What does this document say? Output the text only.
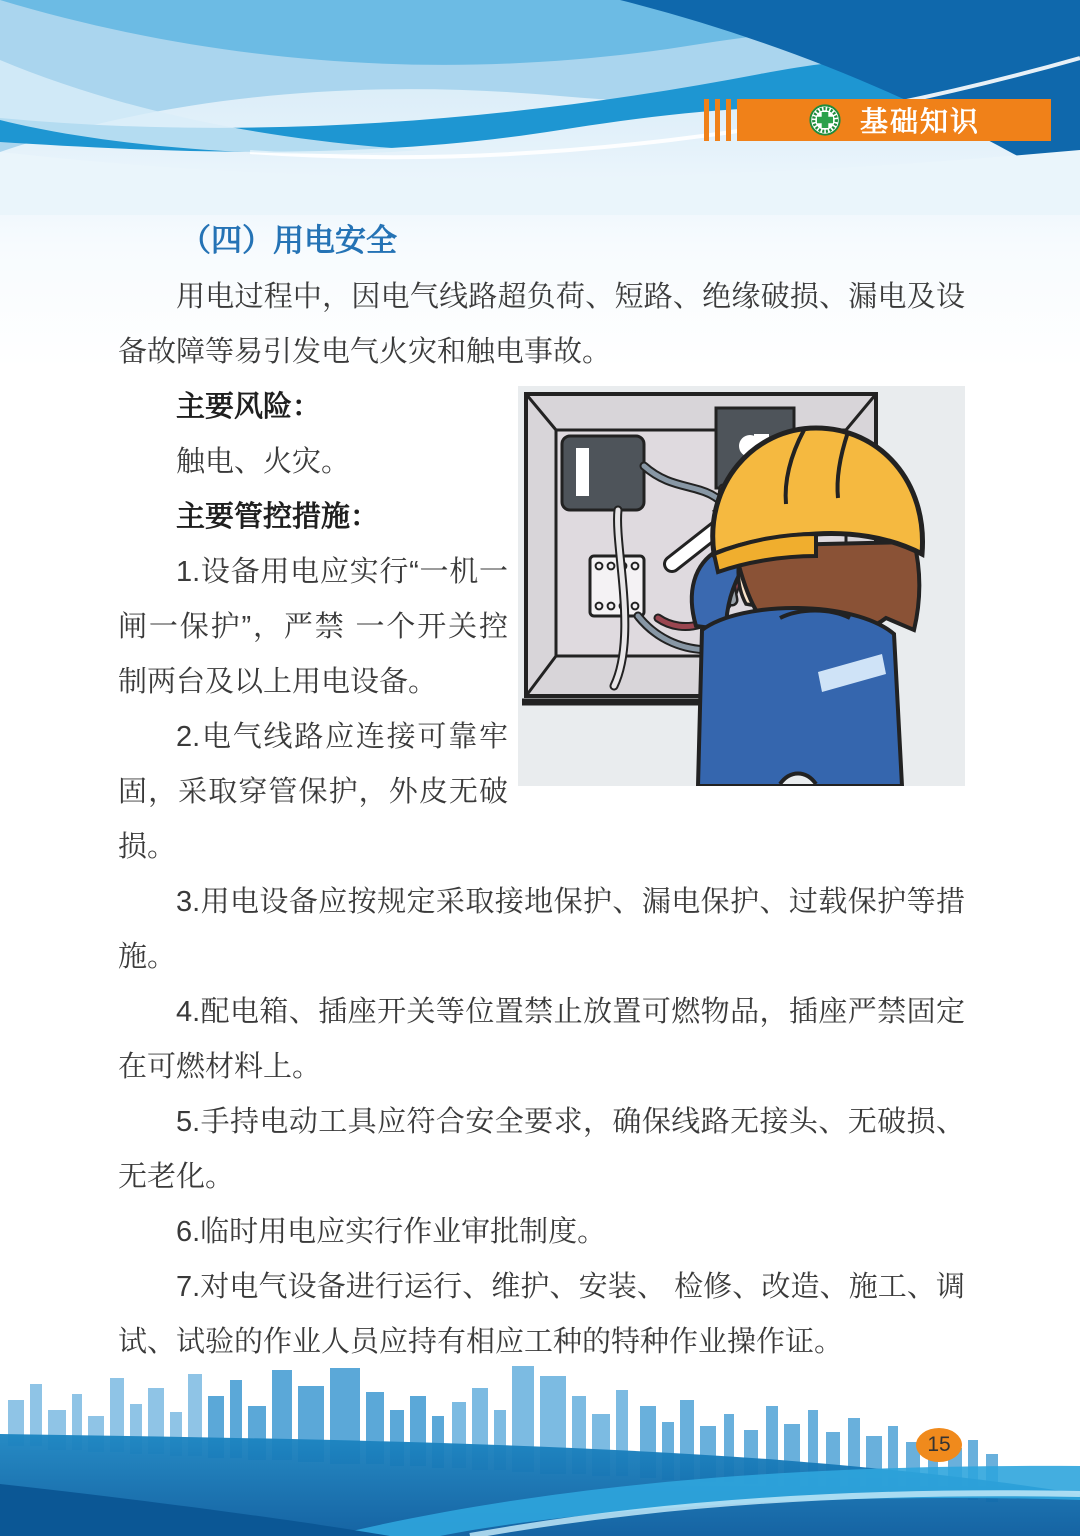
基础知识
（四）用电安全

用电过程中，因电气线路超负荷、短路、绝缘破损、漏电及设备故障等易引发电气火灾和触电事故。

主要风险：

触电、火灾。

主要管控措施：

1.设备用电应实行“一机一闸一保护”，严禁 一个开关控制两台及以上用电设备。

2.电气线路应连接可靠牢固，采取穿管保护，外皮无破损。

3.用电设备应按规定采取接地保护、漏电保护、过载保护等措施。

4.配电箱、插座开关等位置禁止放置可燃物品，插座严禁固定在可燃材料上。

5.手持电动工具应符合安全要求，确保线路无接头、无破损、无老化。

6.临时用电应实行作业审批制度。

7.对电气设备进行运行、维护、安装、 检修、改造、施工、调试、试验的作业人员应持有相应工种的特种作业操作证。

15
